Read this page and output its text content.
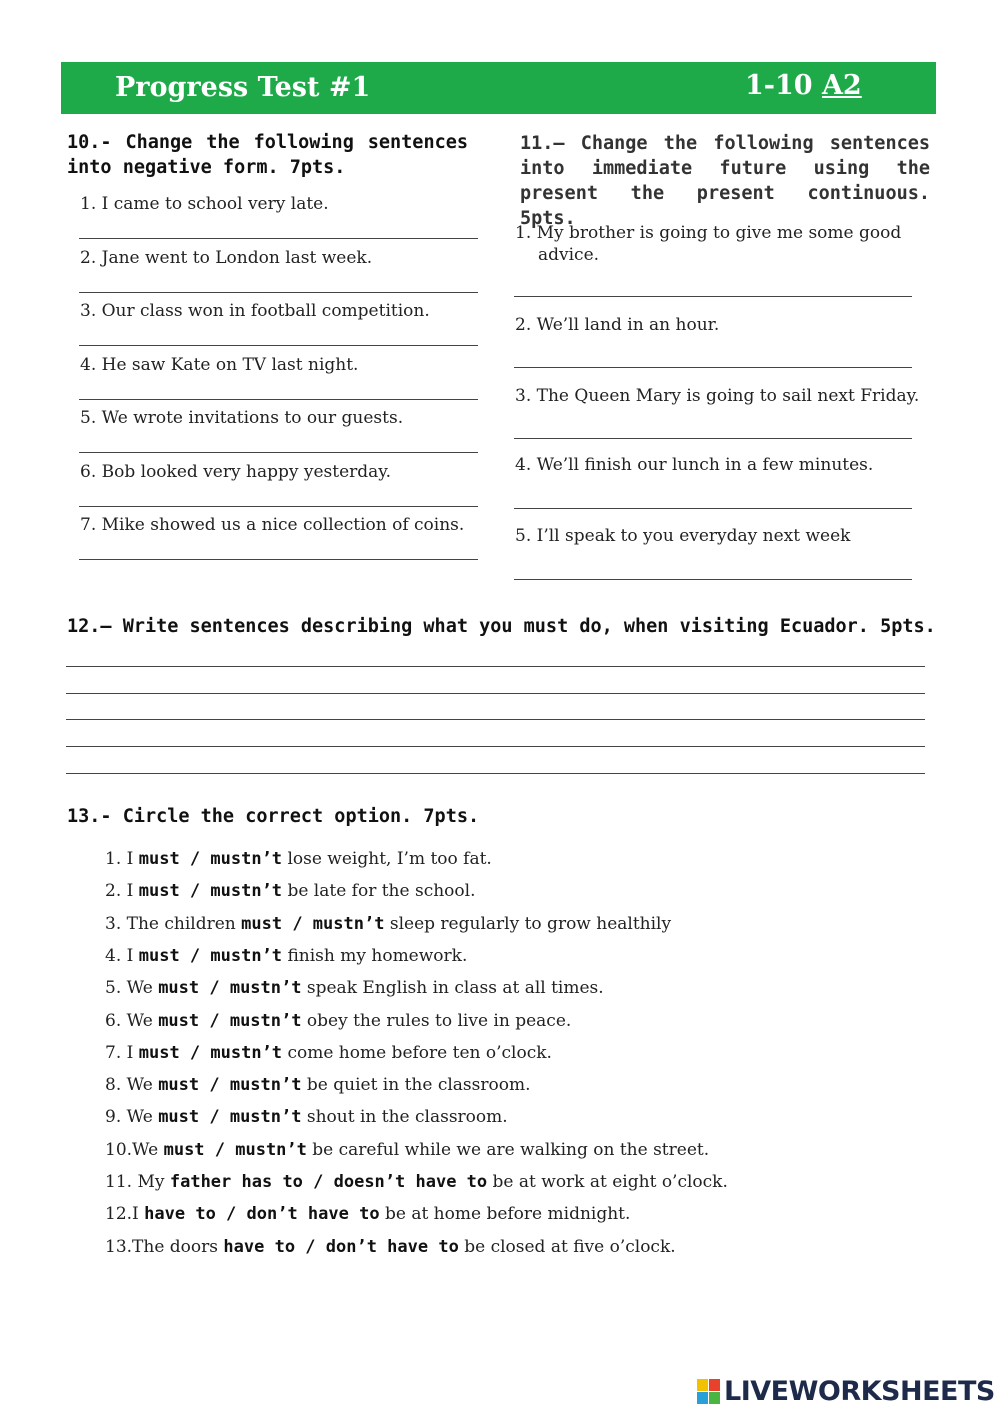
Progress Test #1	1-10 A2
10.- Change the following sentences into negative form. 7pts.
1. I came to school very late.
2. Jane went to London last week.
3. Our class won in football competition.
4. He saw Kate on TV last night.
5. We wrote invitations to our guests.
6. Bob looked very happy yesterday.
7. Mike showed us a nice collection of coins.
11.– Change the following sentences into immediate future using the present the present continuous. 5pts.
1. My brother is going to give me some good advice.
2. We’ll land in an hour.
3. The Queen Mary is going to sail next Friday.
4. We’ll finish our lunch in a few minutes.
5. I’ll speak to you everyday next week
12.– Write sentences describing what you must do, when visiting Ecuador. 5pts.
13.- Circle the correct option. 7pts.
1. I must / mustn’t lose weight, I’m too fat.
2. I must / mustn’t be late for the school.
3. The children must / mustn’t sleep regularly to grow healthily
4. I must / mustn’t finish my homework.
5. We must / mustn’t speak English in class at all times.
6. We must / mustn’t obey the rules to live in peace.
7. I must / mustn’t come home before ten o’clock.
8. We must / mustn’t be quiet in the classroom.
9. We must / mustn’t shout in the classroom.
10.We must / mustn’t be careful while we are walking on the street.
11. My father has to / doesn’t have to be at work at eight o’clock.
12.I have to / don’t have to be at home before midnight.
13.The doors have to / don’t have to be closed at five o’clock.
LIVEWORKSHEETS
